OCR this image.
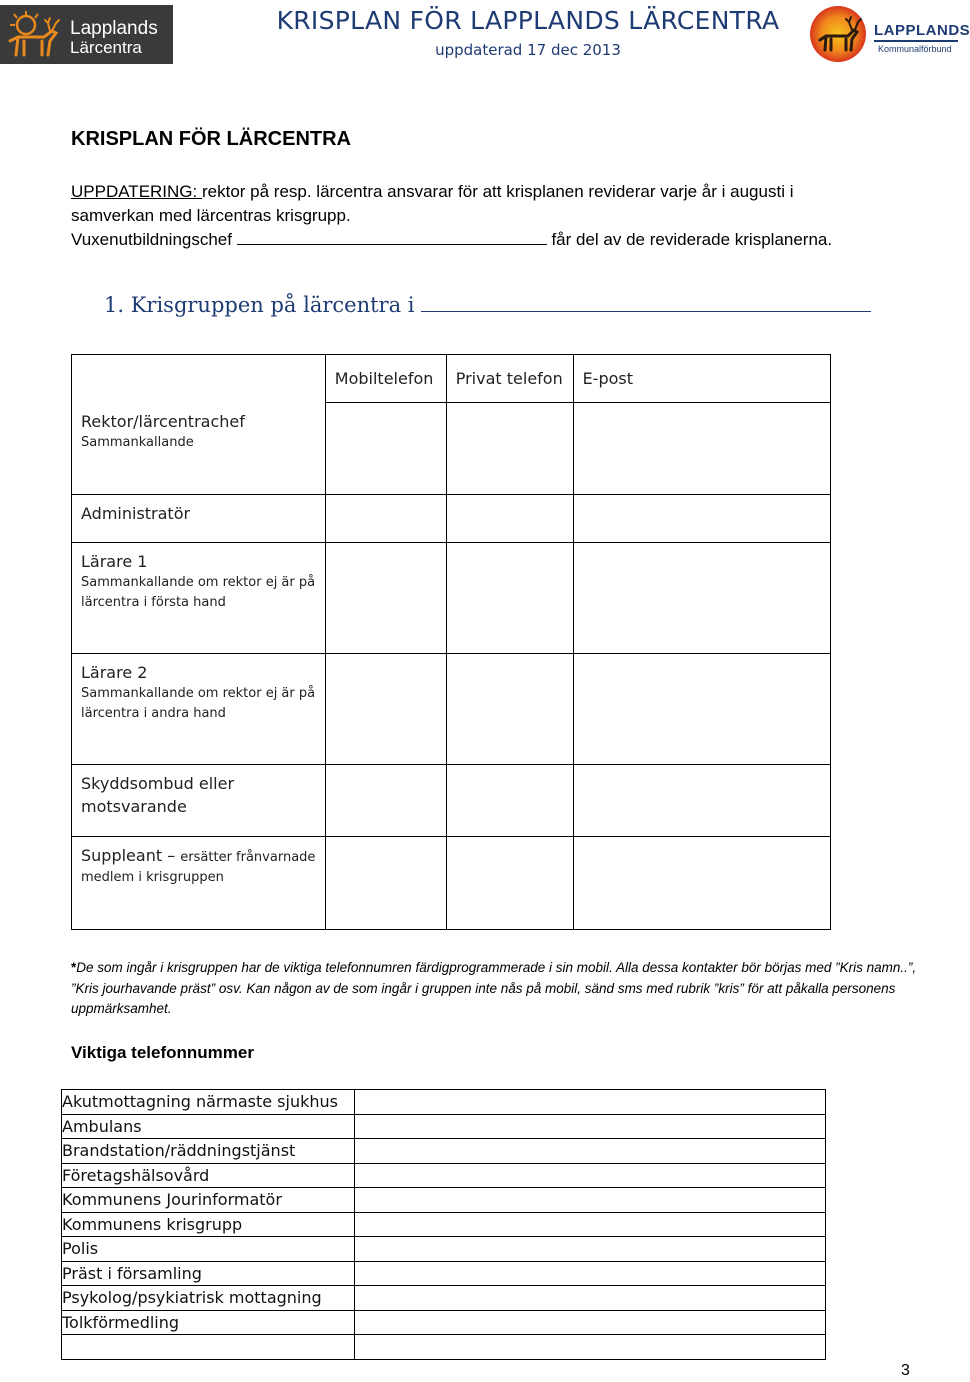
Lapplands
Lärcentra
KRISPLAN FÖR LAPPLANDS LÄRCENTRA
uppdaterad 17 dec 2013
LAPPLANDS
Kommunalförbund
KRISPLAN FÖR LÄRCENTRA
UPPDATERING: rektor på resp. lärcentra ansvarar för att krisplanen reviderar varje år i augusti i
samverkan med lärcentras krisgrupp.
Vuxenutbildningschef	får del av de reviderade krisplanerna.
1. Krisgruppen på lärcentra i
	Mobiltelefon	Privat telefon	E-post

Rektor/lärcentrachef
Sammankallande			

Administratör			

Lärare 1
Sammankallande om rektor ej är på lärcentra i första hand			

Lärare 2
Sammankallande om rektor ej är på lärcentra i andra hand			

Skyddsombud eller motsvarande			

Suppleant – ersätter frånvarnade
medlem i krisgruppen			

*De som ingår i krisgruppen har de viktiga telefonnumren färdigprogrammerade i sin mobil. Alla dessa kontakter bör börjas med ”Kris namn..”, ”Kris jourhavande präst” osv. Kan någon av de som ingår i gruppen inte nås på mobil, sänd sms med rubrik ”kris” för att påkalla personens uppmärksamhet.
Viktiga telefonnummer
Akutmottagning närmaste sjukhus	
Ambulans	
Brandstation/räddningstjänst	
Företagshälsovård	
Kommunens Jourinformatör	
Kommunens krisgrupp	
Polis	
Präst i församling	
Psykolog/psykiatrisk mottagning	
Tolkförmedling	

3
